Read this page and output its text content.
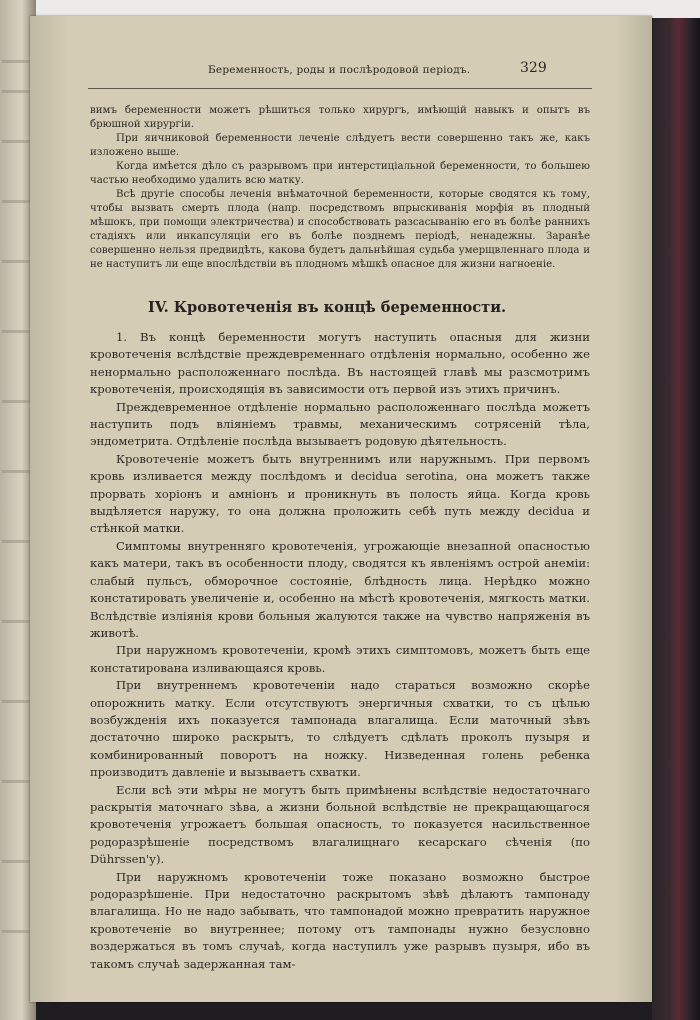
Беременность, роды и послѣродовой періодъ.	329

вимъ беременности можетъ рѣшиться только хирургъ, имѣющій навыкъ и опытъ въ брюшной хирургіи.

При яичниковой беременности леченіе слѣдуетъ вести совершенно такъ же, какъ изложено выше.

Когда имѣется дѣло съ разрывомъ при интерстиціальной беременности, то большею частью необходимо удалить всю матку.

Всѣ другіе способы леченія внѣматочной беременности, которые сводятся къ тому, чтобы вызвать смерть плода (напр. посредствомъ впрыскиванія морфія въ плодный мѣшокъ, при помощи электричества) и способствовать разсасыванію его въ болѣе раннихъ стадіяхъ или инкапсуляціи его въ болѣе позднемъ періодѣ, ненадежны. Заранѣе совершенно нельзя предвидѣть, какова будетъ дальнѣйшая судьба умерщвленнаго плода и не наступитъ ли еще впослѣдствіи въ плодномъ мѣшкѣ опасное для жизни нагноеніе.

IV. Кровотеченія въ концѣ беременности.

1. Въ концѣ беременности могутъ наступить опасныя для жизни кровотеченія вслѣдствіе преждевременнаго отдѣленія нормально, особенно же ненормально расположеннаго послѣда. Въ настоящей главѣ мы разсмотримъ кровотеченія, происходящія въ зависимости отъ первой изъ этихъ причинъ.

Преждевременное отдѣленіе нормально расположеннаго послѣда можетъ наступить подъ вліяніемъ травмы, механическимъ сотрясеній тѣла, эндометрита. Отдѣленіе послѣда вызываетъ родовую дѣятельность.

Кровотеченіе можетъ быть внутреннимъ или наружнымъ. При первомъ кровь изливается между послѣдомъ и decidua serotina, она можетъ также прорвать хоріонъ и амніонъ и проникнуть въ полость яйца. Когда кровь выдѣляется наружу, то она должна проложить себѣ путь между decidua и стѣнкой матки.

Симптомы внутренняго кровотеченія, угрожающіе внезапной опасностью какъ матери, такъ въ особенности плоду, сводятся къ явленіямъ острой анеміи: слабый пульсъ, обморочное состояніе, блѣдность лица. Нерѣдко можно констатировать увеличеніе и, особенно на мѣстѣ кровотеченія, мягкость матки. Вслѣдствіе изліянія крови больныя жалуются также на чувство напряженія въ животѣ.

При наружномъ кровотеченіи, кромѣ этихъ симптомовъ, можетъ быть еще констатирована изливающаяся кровь.

При внутреннемъ кровотеченіи надо стараться возможно скорѣе опорожнить матку. Если отсутствуютъ энергичныя схватки, то съ цѣлью возбужденія ихъ показуется тампонада влагалища. Если маточный зѣвъ достаточно широко раскрытъ, то слѣдуетъ сдѣлать проколъ пузыря и комбинированный поворотъ на ножку. Низведенная голень ребенка производитъ давленіе и вызываетъ схватки.

Если всѣ эти мѣры не могутъ быть примѣнены вслѣдствіе недостаточнаго раскрытія маточнаго зѣва, а жизни больной вслѣдствіе не прекращающагося кровотеченія угрожаетъ большая опасность, то показуется насильственное родоразрѣшеніе посредствомъ влагалищнаго кесарскаго сѣченія (по Dührssen'у).

При наружномъ кровотеченіи тоже показано возможно быстрое родоразрѣшеніе. При недостаточно раскрытомъ зѣвѣ дѣлаютъ тампонаду влагалища. Но не надо забывать, что тампонадой можно превратить наружное кровотеченіе во внутреннее; потому отъ тампонады нужно безусловно воздержаться въ томъ случаѣ, когда наступилъ уже разрывъ пузыря, ибо въ такомъ случаѣ задержанная там-
